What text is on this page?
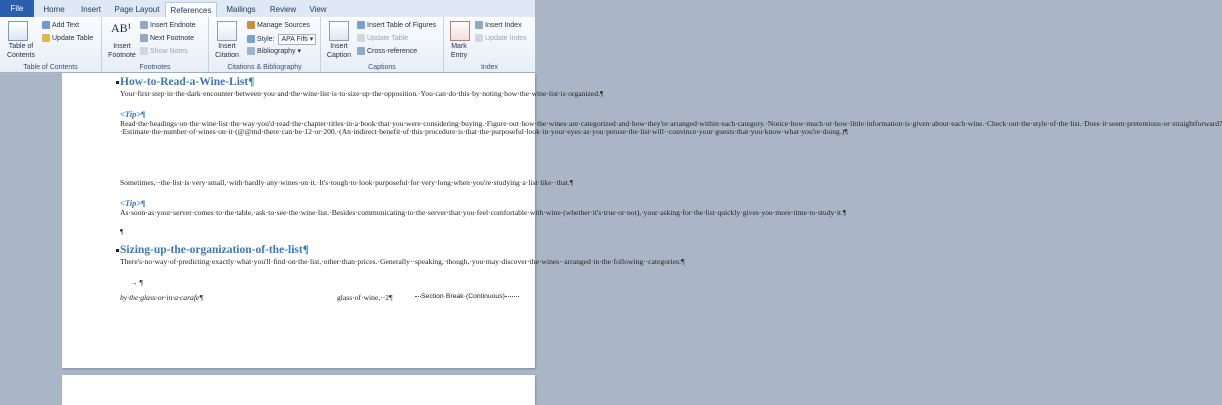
File	Home	Insert	Page Layout	References	Mailings	Review	View
Table of
Contents
Add Text
Update Table
Table of Contents
AB¹
Insert
Footnote
Insert Endnote
Next Footnote
Show Notes
Footnotes
Insert
Citation
Manage Sources
Style: APA Fifti ▾
Bibliography ▾
Citations & Bibliography
Insert
Caption
Insert Table of Figures
Update Table
Cross-reference
Captions
Mark
Entry
Insert Index
Update Index
Index
How-to-Read-a-Wine-List¶
Your·first·step·in·the·dark·encounter·between·you·and·the·wine·list·is·to·size·up·the·opposition.·You·can·do·this·by·noting·how·the·wine·list·is·organized.¶
<Tip>¶
Read·the·headings·on·the·wine·list·the·way·you'd·read·the·chapter·titles·in·a·book·that·you·were·considering·buying.·Figure·out·how·the·wines·are·categorized·and·how·they're·arranged·within·each·category.·Notice·how·much·or·how·little·information·is·given·about·each·wine.·Check·out·the·style·of·the·list.·Does·it·seem·pretentious·or·straightforward?·Estimate·the·number·of·wines·on·it·(@@md·there·can·be·12·or·200.·(An·indirect·benefit·of·this·procedure·is·that·the·purposeful·look·in·your·eyes·as·you·peruse·the·list·will··convince·your·guests·that·you·know·what·you're·doing.)¶
Sometimes,··the·list·is·very·small,·with·hardly·any·wines·on·it.·It's·tough·to·look·purposeful·for·very·long·when·you're·studying·a·list·like··that.¶
<Tip>¶
As·soon·as·your·server·comes·to·the·table,·ask·to·see·the·wine·list.·Besides·communicating·to·the·server·that·you·feel·comfortable·with·wine·(whether·it's·true·or·not),·your·asking·for·the·list·quickly·gives·you·more·time·to·study·it.¶
¶
Sizing-up-the-organization-of-the-list¶
There's·no·way·of·predicting·exactly·what·you'll·find·on·the·list,·other·than·prices.·Generally··speaking,·though,·you·may·discover·the·wines··arranged·in·the·following··categories:¶
→ ¶
by·the·glass·or·in·a·carafe¶	glass·of·wine,··2¶	Section·Break·(Continuous)
